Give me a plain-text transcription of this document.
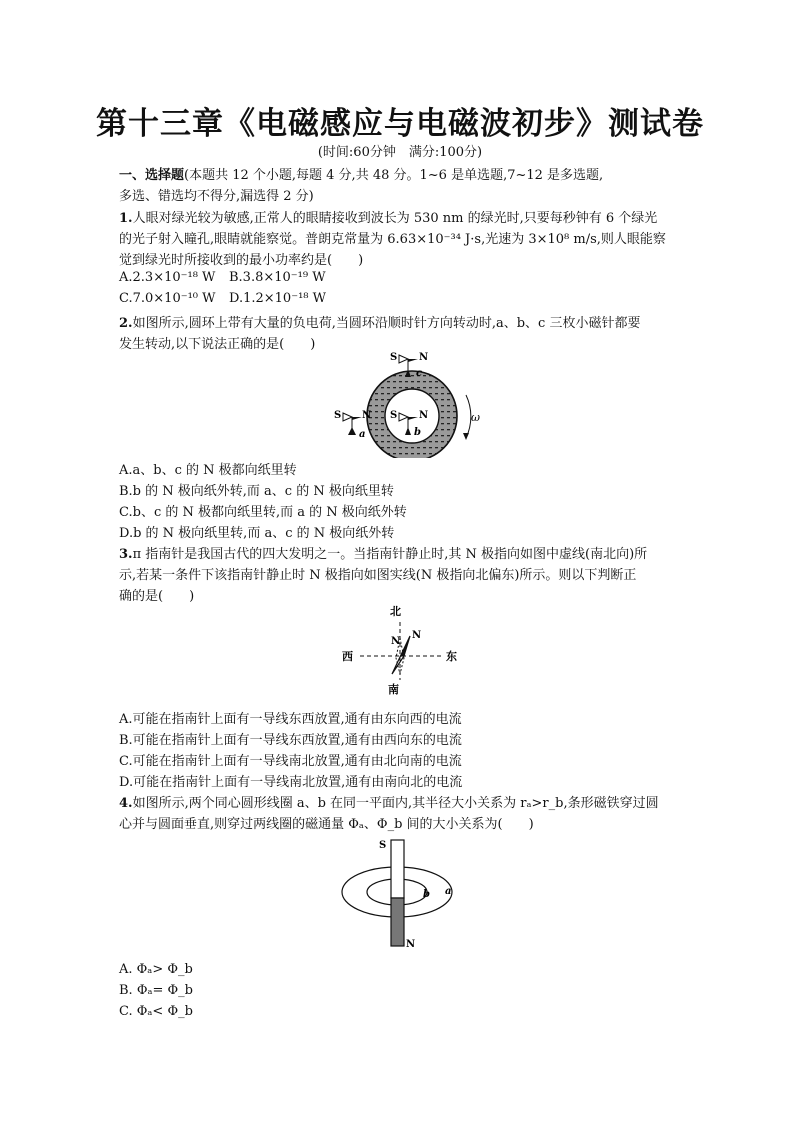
第十三章《电磁感应与电磁波初步》测试卷
(时间:60分钟　满分:100分)
一、选择题(本题共 12 个小题,每题 4 分,共 48 分。1~6 是单选题,7~12 是多选题,
多选、错选均不得分,漏选得 2 分)
1.人眼对绿光较为敏感,正常人的眼睛接收到波长为 530 nm 的绿光时,只要每秒钟有 6 个绿光
的光子射入瞳孔,眼睛就能察觉。普朗克常量为 6.63×10⁻³⁴ J·s,光速为 3×10⁸ m/s,则人眼能察
觉到绿光时所接收到的最小功率约是(　　)
A.2.3×10⁻¹⁸ W B.3.8×10⁻¹⁹ W
C.7.0×10⁻¹⁰ W D.1.2×10⁻¹⁸ W
2.如图所示,圆环上带有大量的负电荷,当圆环沿顺时针方向转动时,a、b、c 三枚小磁针都要
发生转动,以下说法正确的是(　　)
ω
S N
c
S N
a
S N
b
A.a、b、c 的 N 极都向纸里转
B.b 的 N 极向纸外转,而 a、c 的 N 极向纸里转
C.b、c 的 N 极都向纸里转,而 a 的 N 极向纸外转
D.b 的 N 极向纸里转,而 a、c 的 N 极向纸外转
3.π 指南针是我国古代的四大发明之一。当指南针静止时,其 N 极指向如图中虚线(南北向)所
示,若某一条件下该指南针静止时 N 极指向如图实线(N 极指向北偏东)所示。则以下判断正
确的是(　　)
北
南
西	东
N
N
A.可能在指南针上面有一导线东西放置,通有由东向西的电流
B.可能在指南针上面有一导线东西放置,通有由西向东的电流
C.可能在指南针上面有一导线南北放置,通有由北向南的电流
D.可能在指南针上面有一导线南北放置,通有由南向北的电流
4.如图所示,两个同心圆形线圈 a、b 在同一平面内,其半径大小关系为 rₐ>r_b,条形磁铁穿过圆
心并与圆面垂直,则穿过两线圈的磁通量 Φₐ、Φ_b 间的大小关系为(　　)
S
N
b a
A. Φₐ> Φ_b
B. Φₐ= Φ_b
C. Φₐ< Φ_b
